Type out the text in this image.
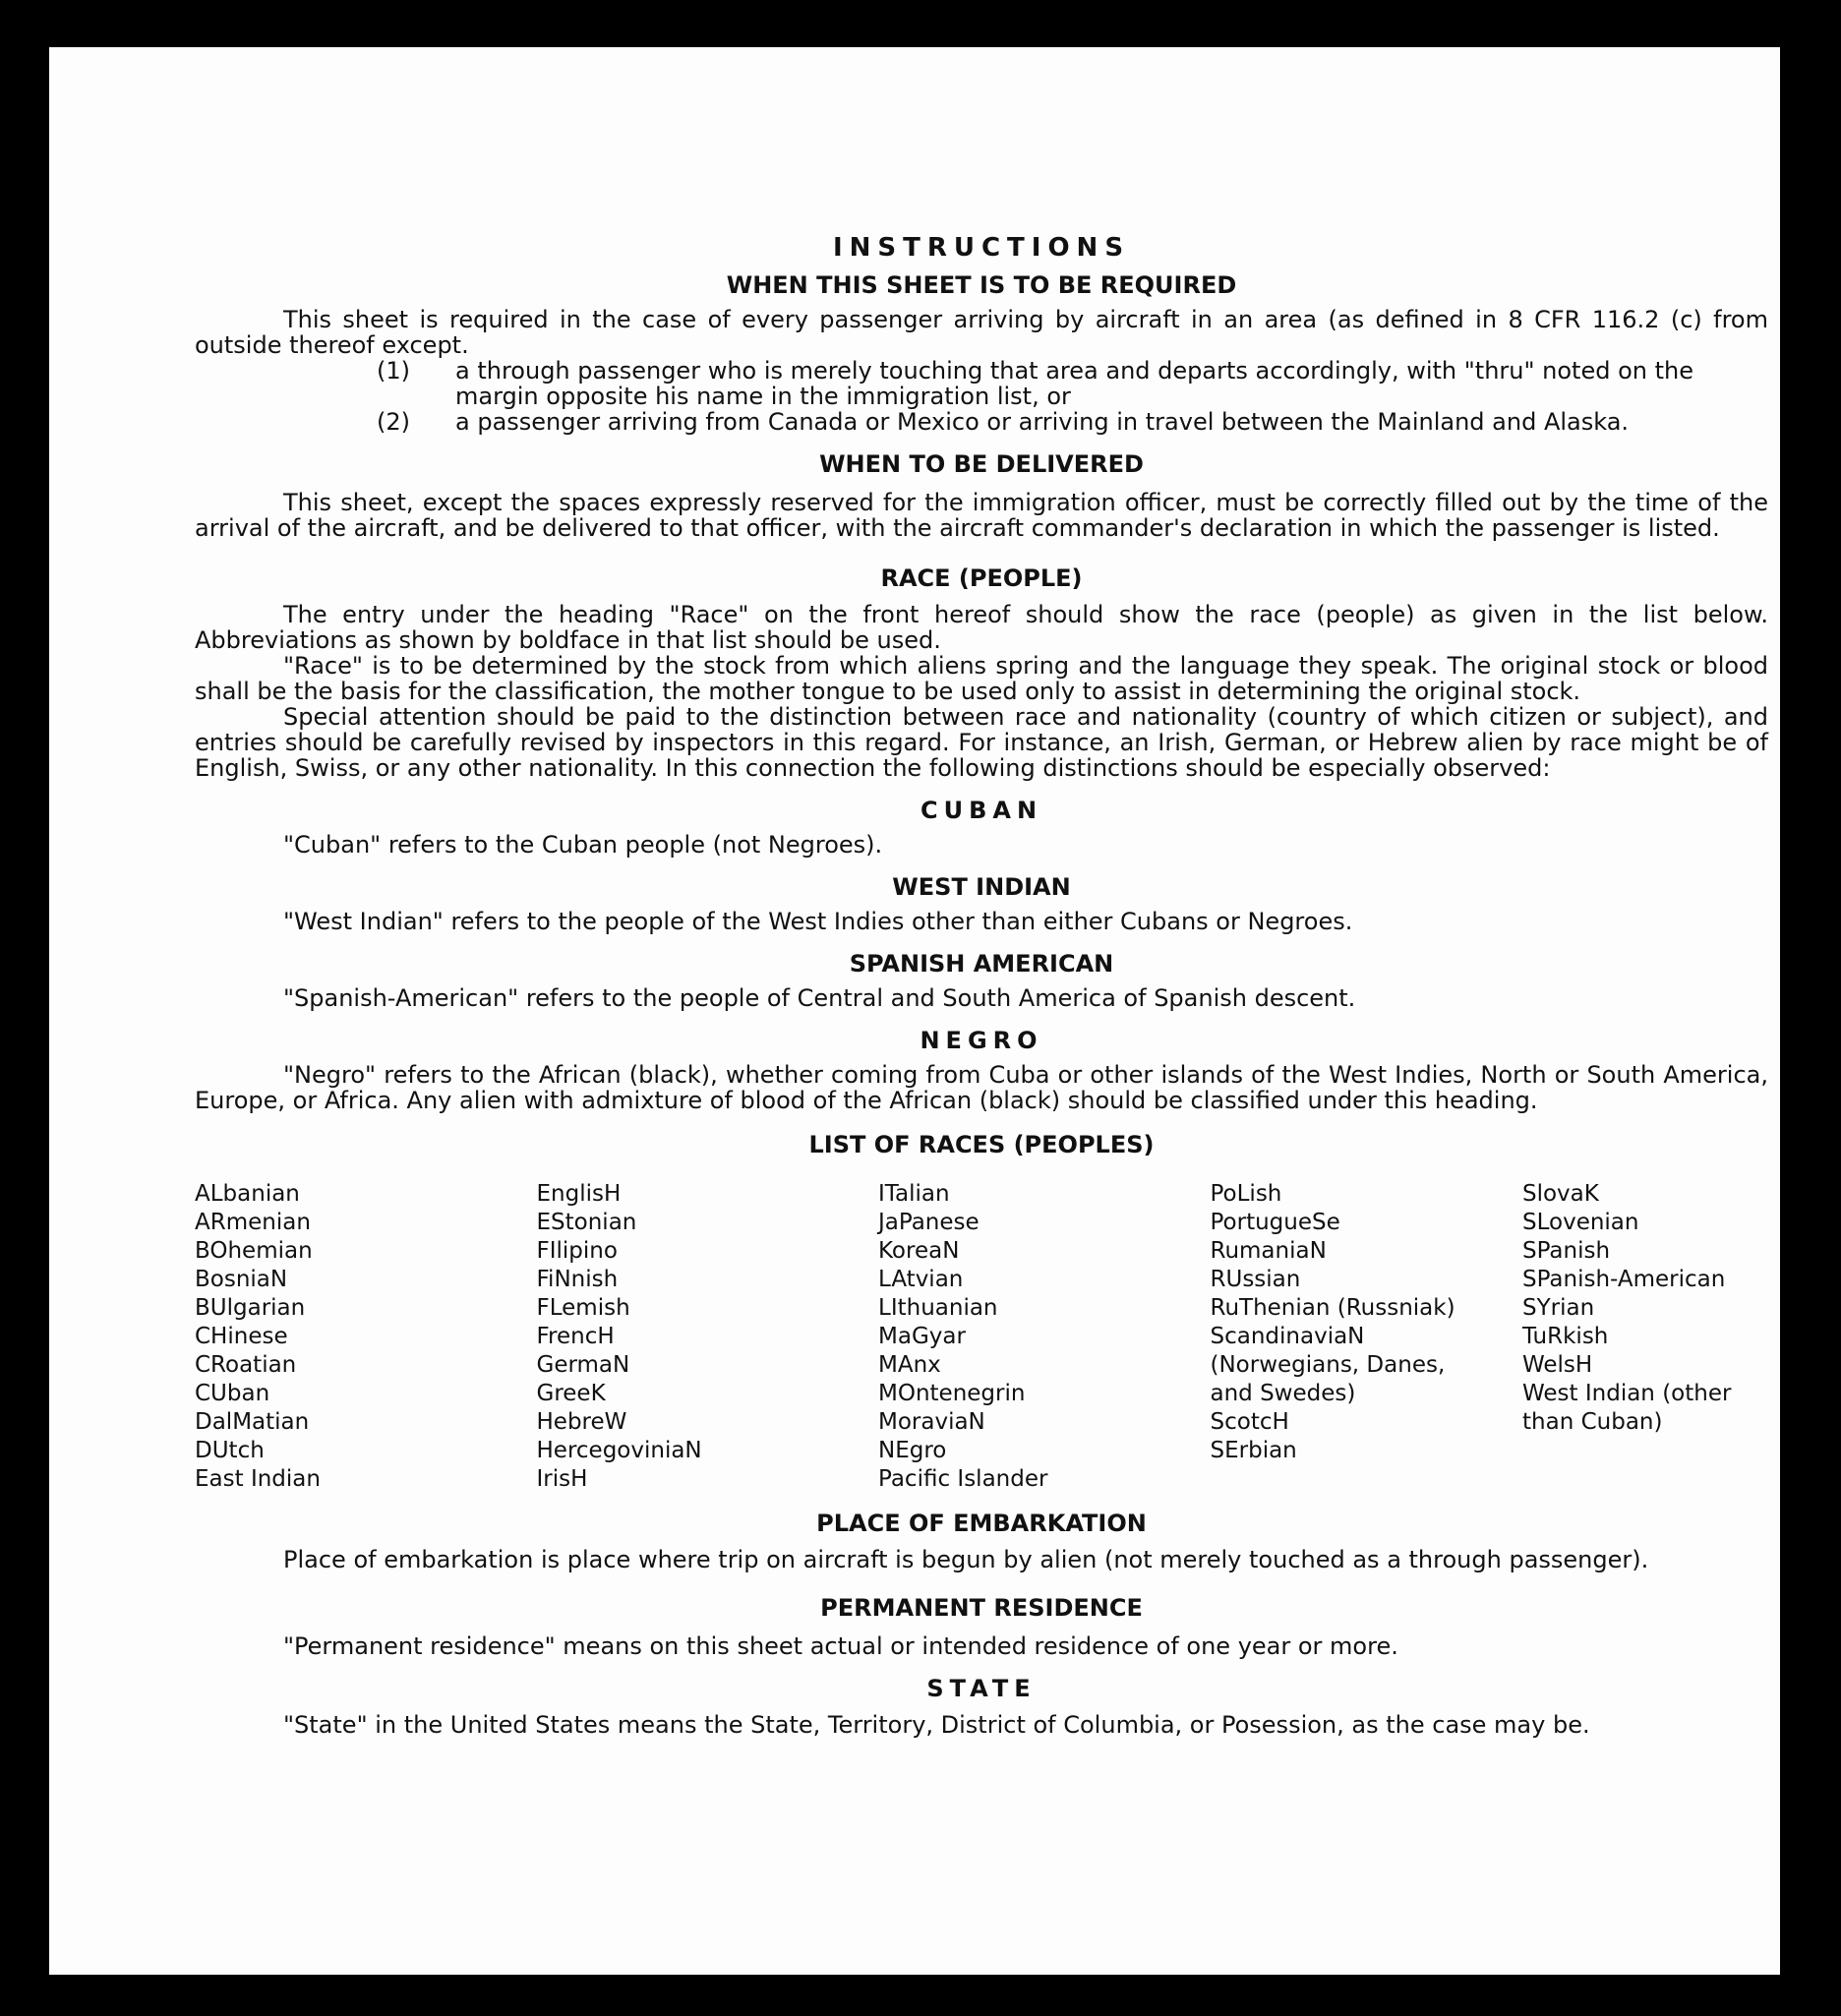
INSTRUCTIONS
WHEN THIS SHEET IS TO BE REQUIRED

This sheet is required in the case of every passenger arriving by aircraft in an area (as defined in 8 CFR 116.2 (c) from outside thereof except.

(1)	a through passenger who is merely touching that area and departs accordingly, with "thru" noted on the margin opposite his name in the immigration list, or
(2)	a passenger arriving from Canada or Mexico or arriving in travel between the Mainland and Alaska.
WHEN TO BE DELIVERED

This sheet, except the spaces expressly reserved for the immigration officer, must be correctly filled out by the time of the arrival of the aircraft, and be delivered to that officer, with the aircraft commander's declaration in which the passenger is listed.

RACE (PEOPLE)

The entry under the heading "Race" on the front hereof should show the race (people) as given in the list below. Abbreviations as shown by boldface in that list should be used.

"Race" is to be determined by the stock from which aliens spring and the language they speak. The original stock or blood shall be the basis for the classification, the mother tongue to be used only to assist in determining the original stock.

Special attention should be paid to the distinction between race and nationality (country of which citizen or subject), and entries should be carefully revised by inspectors in this regard. For instance, an Irish, German, or Hebrew alien by race might be of English, Swiss, or any other nationality. In this connection the following distinctions should be especially observed:

CUBAN

"Cuban" refers to the Cuban people (not Negroes).

WEST INDIAN

"West Indian" refers to the people of the West Indies other than either Cubans or Negroes.

SPANISH AMERICAN

"Spanish-American" refers to the people of Central and South America of Spanish descent.

NEGRO

"Negro" refers to the African (black), whether coming from Cuba or other islands of the West Indies, North or South America, Europe, or Africa. Any alien with admixture of blood of the African (black) should be classified under this heading.

LIST OF RACES (PEOPLES)
ALbanian
ARmenian
BOhemian
BosniaN
BUlgarian
CHinese
CRoatian
CUban
DalMatian
DUtch
East Indian
EnglisH
EStonian
FIlipino
FiNnish
FLemish
FrencH
GermaN
GreeK
HebreW
HercegoviniaN
IrisH
ITalian
JaPanese
KoreaN
LAtvian
LIthuanian
MaGyar
MAnx
MOntenegrin
MoraviaN
NEgro
Pacific Islander
PoLish
PortugueSe
RumaniaN
RUssian
RuThenian (Russniak)
ScandinaviaN (Norwegians, Danes, and Swedes)
ScotcH
SErbian
SlovaK
SLovenian
SPanish
SPanish-American
SYrian
TuRkish
WelsH
West Indian (other than Cuban)
PLACE OF EMBARKATION

Place of embarkation is place where trip on aircraft is begun by alien (not merely touched as a through passenger).

PERMANENT RESIDENCE

"Permanent residence" means on this sheet actual or intended residence of one year or more.

STATE

"State" in the United States means the State, Territory, District of Columbia, or Posession, as the case may be.
